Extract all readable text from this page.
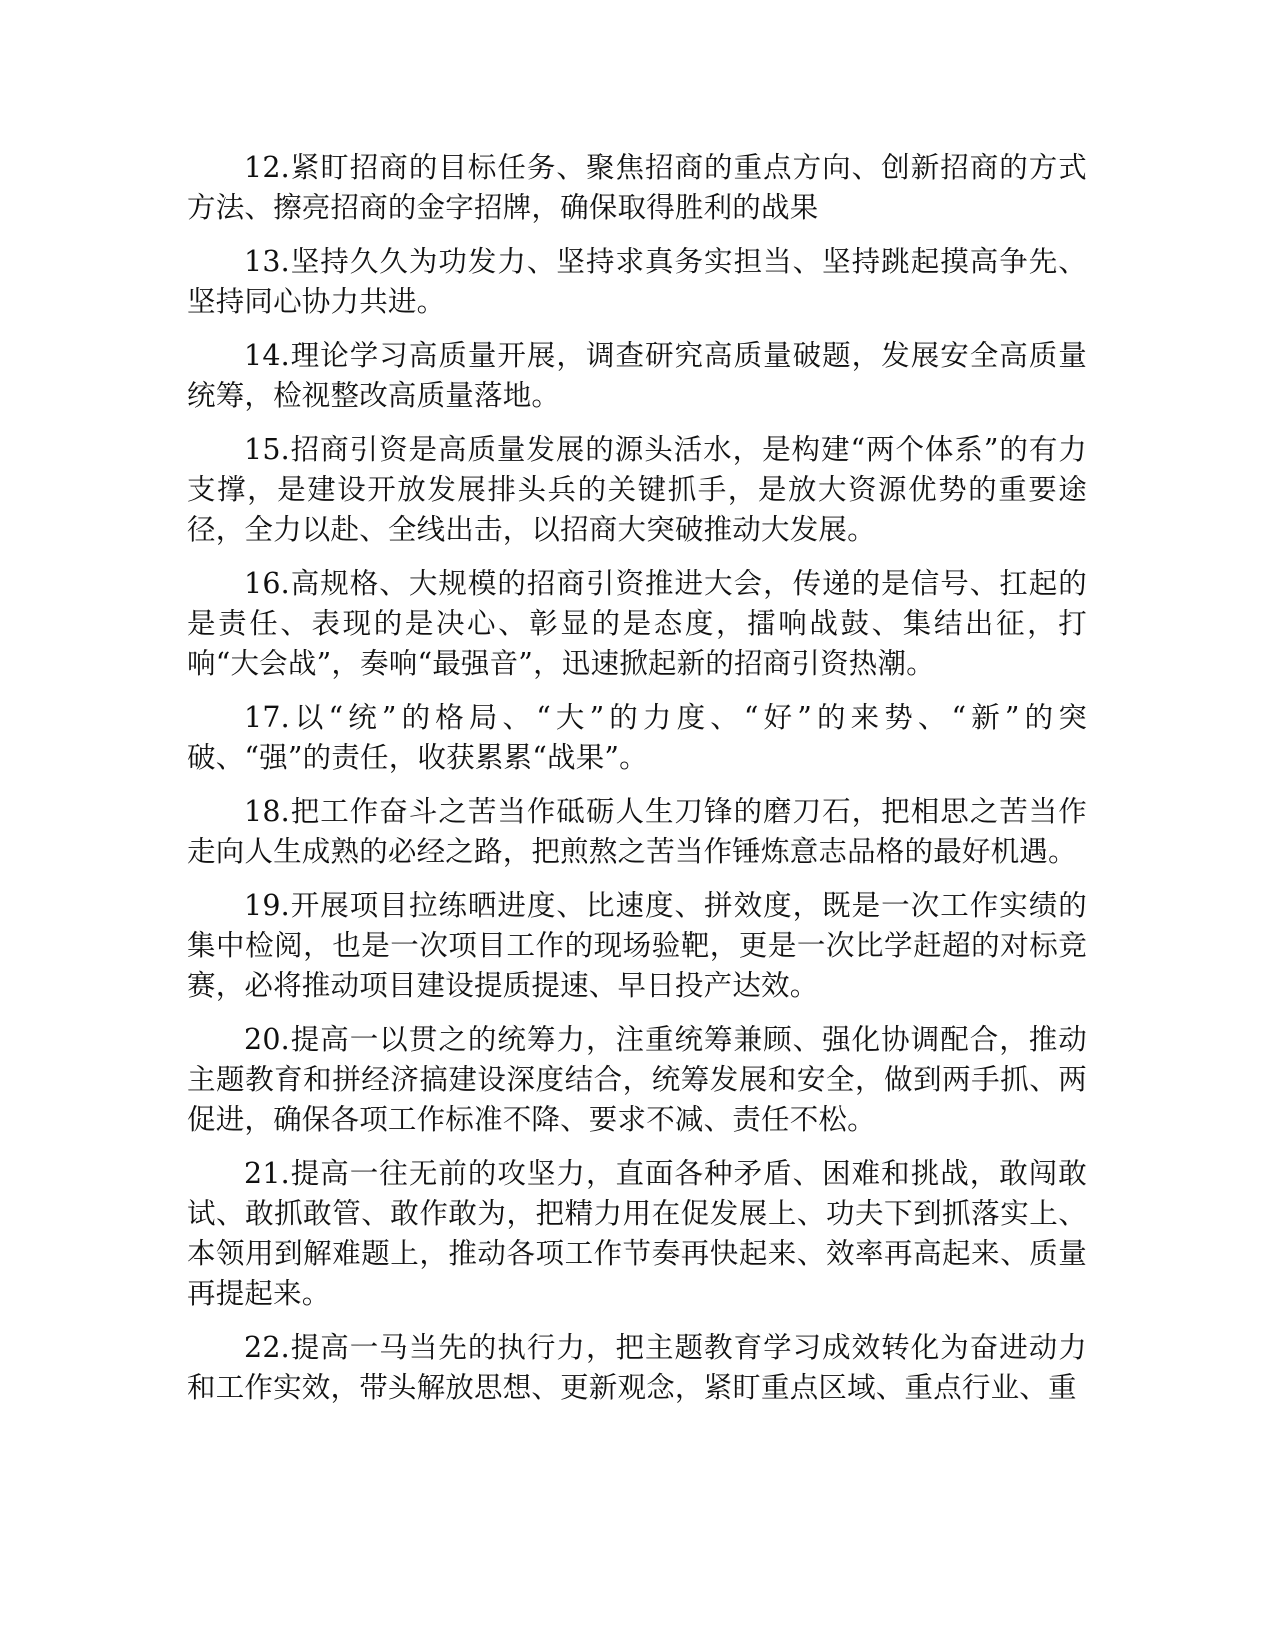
12.紧盯招商的目标任务、聚焦招商的重点方向、创新招商的方式方法、擦亮招商的金字招牌，确保取得胜利的战果

13.坚持久久为功发力、坚持求真务实担当、坚持跳起摸高争先、坚持同心协力共进。

14.理论学习高质量开展，调查研究高质量破题，发展安全高质量统筹，检视整改高质量落地。

15.招商引资是高质量发展的源头活水，是构建“两个体系”的有力支撑，是建设开放发展排头兵的关键抓手，是放大资源优势的重要途径，全力以赴、全线出击，以招商大突破推动大发展。

16.高规格、大规模的招商引资推进大会，传递的是信号、扛起的是责任、表现的是决心、彰显的是态度，擂响战鼓、集结出征，打响“大会战”，奏响“最强音”，迅速掀起新的招商引资热潮。

17.以“统”的格局、“大”的力度、“好”的来势、“新”的突破、“强”的责任，收获累累“战果”。

18.把工作奋斗之苦当作砥砺人生刀锋的磨刀石，把相思之苦当作走向人生成熟的必经之路，把煎熬之苦当作锤炼意志品格的最好机遇。

19.开展项目拉练晒进度、比速度、拼效度，既是一次工作实绩的集中检阅，也是一次项目工作的现场验靶，更是一次比学赶超的对标竞赛，必将推动项目建设提质提速、早日投产达效。

20.提高一以贯之的统筹力，注重统筹兼顾、强化协调配合，推动主题教育和拼经济搞建设深度结合，统筹发展和安全，做到两手抓、两促进，确保各项工作标准不降、要求不减、责任不松。

21.提高一往无前的攻坚力，直面各种矛盾、困难和挑战，敢闯敢试、敢抓敢管、敢作敢为，把精力用在促发展上、功夫下到抓落实上、本领用到解难题上，推动各项工作节奏再快起来、效率再高起来、质量再提起来。

22.提高一马当先的执行力，把主题教育学习成效转化为奋进动力和工作实效，带头解放思想、更新观念，紧盯重点区域、重点行业、重
